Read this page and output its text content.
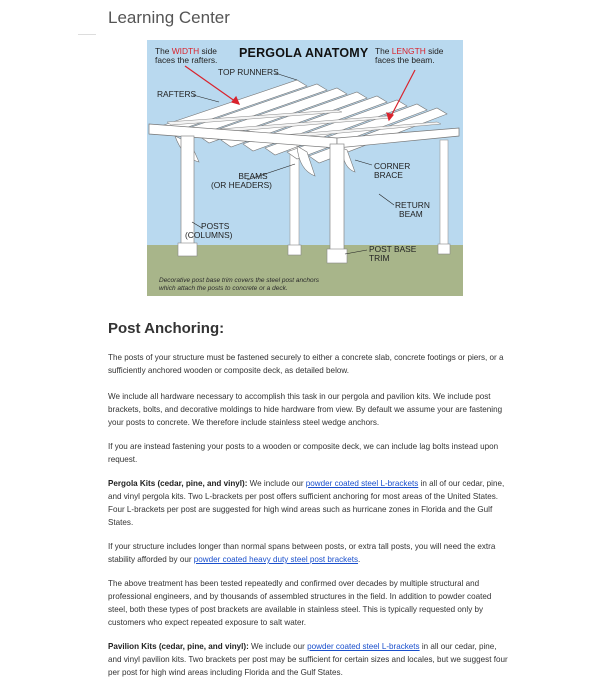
Learning Center
PERGOLA ANATOMY
The WIDTH side
faces the rafters.
The LENGTH side
faces the beam.
TOP RUNNERS
RAFTERS
CORNER
BRACE
BEAMS
(OR HEADERS)
RETURN
BEAM
POSTS
(COLUMNS)
POST BASE
TRIM
Decorative post base trim covers the steel post anchors
which attach the posts to concrete or a deck.
Post Anchoring:

The posts of your structure must be fastened securely to either a concrete slab, concrete footings or piers, or a sufficiently anchored wooden or composite deck, as detailed below.

We include all hardware necessary to accomplish this task in our pergola and pavilion kits. We include post brackets, bolts, and decorative moldings to hide hardware from view. By default we assume your are fastening your posts to concrete. We therefore include stainless steel wedge anchors.

If you are instead fastening your posts to a wooden or composite deck, we can include lag bolts instead upon request.

Pergola Kits (cedar, pine, and vinyl): We include our powder coated steel L-brackets in all of our cedar, pine, and vinyl pergola kits. Two L-brackets per post offers sufficient anchoring for most areas of the United States. Four L-brackets per post are suggested for high wind areas such as hurricane zones in Florida and the Gulf States.

If your structure includes longer than normal spans between posts, or extra tall posts, you will need the extra stability afforded by our powder coated heavy duty steel post brackets.

The above treatment has been tested repeatedly and confirmed over decades by multiple structural and professional engineers, and by thousands of assembled structures in the field. In addition to powder coated steel, both these types of post brackets are available in stainless steel. This is typically requested only by customers who expect repeated exposure to salt water.

Pavilion Kits (cedar, pine, and vinyl): We include our powder coated steel L-brackets in all our cedar, pine, and vinyl pavilion kits. Two brackets per post may be sufficient for certain sizes and locales, but we suggest four per post for high wind areas including Florida and the Gulf States.
